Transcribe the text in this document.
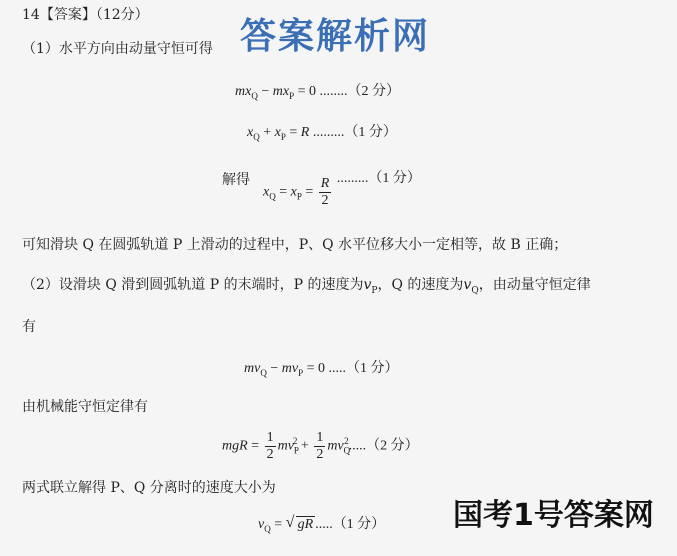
答案解析网
14【答案】（12分）
（1）水平方向由动量守恒可得
$mx_Q - mx_P = 0$ ........（2 分）
$x_Q + x_P = R$ .........（1 分）
解得
$x_Q = x_P = \frac{R}{2} .........(1$ 分）
可知滑块 Q 在圆弧轨道 P 上滑动的过程中，P、Q 水平位移大小一定相等，故 B 正确；
（2）设滑块 Q 滑到圆弧轨道 P 的末端时，P 的速度为$v_P$，Q 的速度为$v_Q$，由动量守恒定律
有
$mv_Q - mv_P = 0$ .....（1 分）
由机械能守恒定律有
mgR = $\frac{1}{2} mv_P^2 + \frac{1}{2} mv_Q^2.....(2$ 分）
两式联立解得 P、Q 分离时的速度大小为
$v_Q$ = √ gR .....（1 分） 国考1号答案网
